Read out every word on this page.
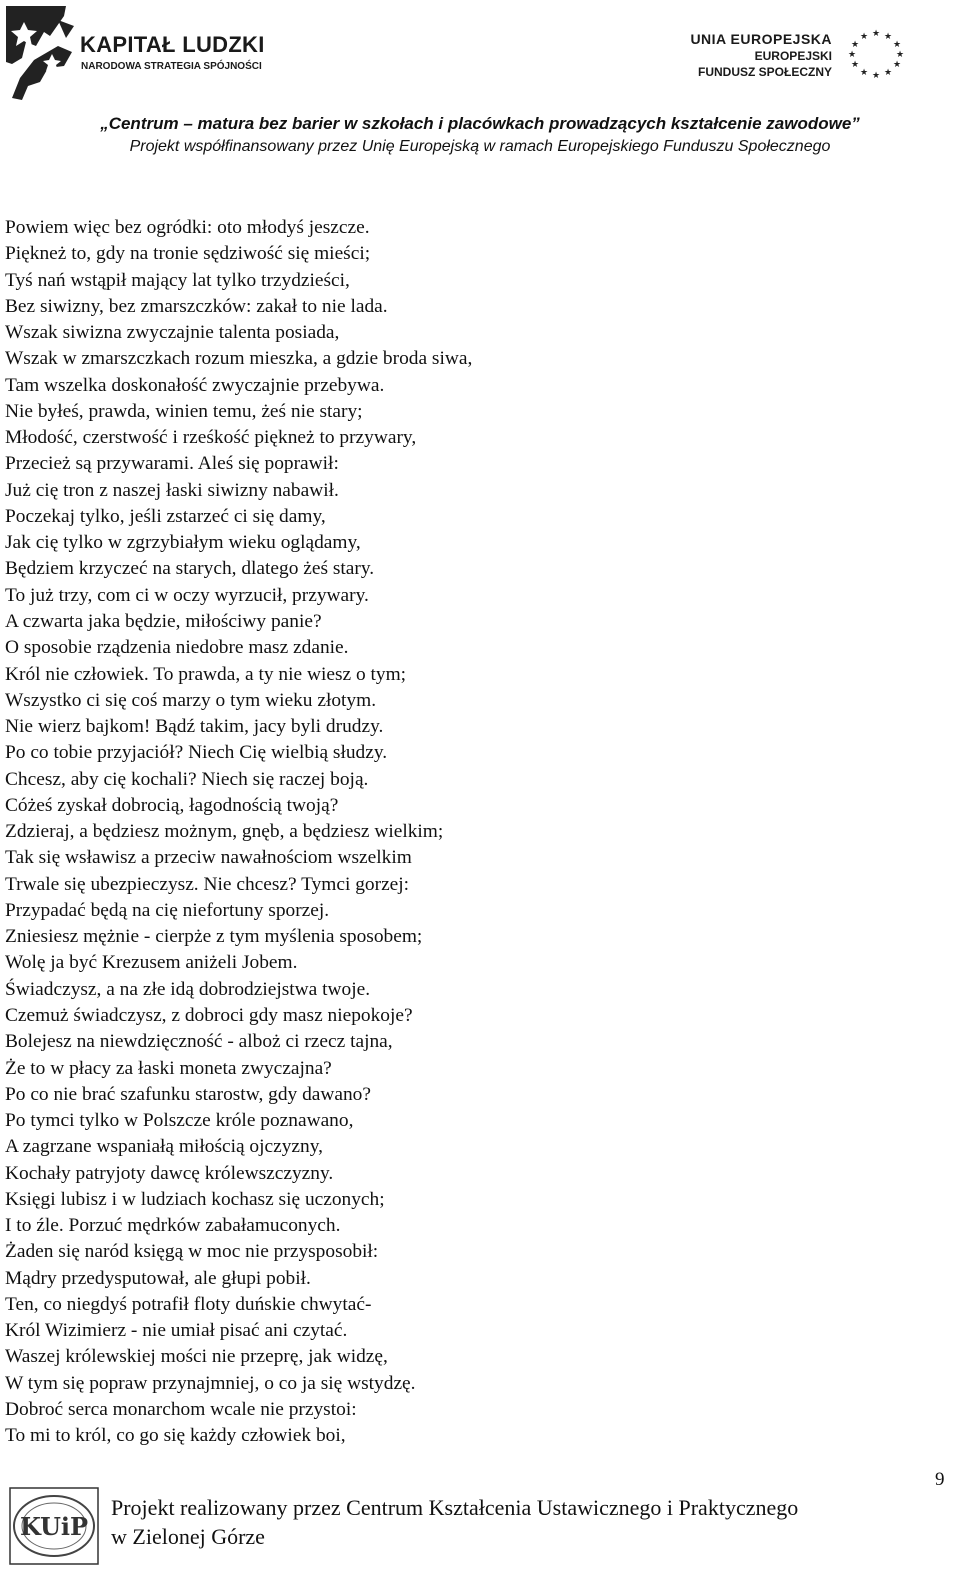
KAPITAŁ LUDZKI
NARODOWA STRATEGIA SPÓJNOŚCI
UNIA EUROPEJSKA
EUROPEJSKI
FUNDUSZ SPOŁECZNY
★ ★
★
★
★
★
★
★
★
★
★
★
„Centrum – matura bez barier w szkołach i placówkach prowadzących kształcenie zawodowe”
Projekt współfinansowany przez Unię Europejską w ramach Europejskiego Funduszu Społecznego
Powiem więc bez ogródki: oto młodyś jeszcze.
Piękneż to, gdy na tronie sędziwość się mieści;
Tyś nań wstąpił mający lat tylko trzydzieści,
Bez siwizny, bez zmarszczków: zakał to nie lada.
Wszak siwizna zwyczajnie talenta posiada,
Wszak w zmarszczkach rozum mieszka, a gdzie broda siwa,
Tam wszelka doskonałość zwyczajnie przebywa.
Nie byłeś, prawda, winien temu, żeś nie stary;
Młodość, czerstwość i rześkość piękneż to przywary,
Przecież są przywarami. Aleś się poprawił:
Już cię tron z naszej łaski siwizny nabawił.
Poczekaj tylko, jeśli zstarzeć ci się damy,
Jak cię tylko w zgrzybiałym wieku oglądamy,
Będziem krzyczeć na starych, dlatego żeś stary.
To już trzy, com ci w oczy wyrzucił, przywary.
A czwarta jaka będzie, miłościwy panie?
O sposobie rządzenia niedobre masz zdanie.
Król nie człowiek. To prawda, a ty nie wiesz o tym;
Wszystko ci się coś marzy o tym wieku złotym.
Nie wierz bajkom! Bądź takim, jacy byli drudzy.
Po co tobie przyjaciół? Niech Cię wielbią słudzy.
Chcesz, aby cię kochali? Niech się raczej boją.
Cóżeś zyskał dobrocią, łagodnością twoją?
Zdzieraj, a będziesz możnym, gnęb, a będziesz wielkim;
Tak się wsławisz a przeciw nawałnościom wszelkim
Trwale się ubezpieczysz. Nie chcesz? Tymci gorzej:
Przypadać będą na cię niefortuny sporzej.
Zniesiesz mężnie - cierpże z tym myślenia sposobem;
Wolę ja być Krezusem aniżeli Jobem.
Świadczysz, a na złe idą dobrodziejstwa twoje.
Czemuż świadczysz, z dobroci gdy masz niepokoje?
Bolejesz na niewdzięczność - alboż ci rzecz tajna,
Że to w płacy za łaski moneta zwyczajna?
Po co nie brać szafunku starostw, gdy dawano?
Po tymci tylko w Polszcze króle poznawano,
A zagrzane wspaniałą miłością ojczyzny,
Kochały patryjoty dawcę królewszczyzny.
Księgi lubisz i w ludziach kochasz się uczonych;
I to źle. Porzuć mędrków zabałamuconych.
Żaden się naród księgą w moc nie przysposobił:
Mądry przedysputował, ale głupi pobił.
Ten, co niegdyś potrafił floty duńskie chwytać-
Król Wizimierz - nie umiał pisać ani czytać.
Waszej królewskiej mości nie przeprę, jak widzę,
W tym się popraw przynajmniej, o co ja się wstydzę.
Dobroć serca monarchom wcale nie przystoi:
To mi to król, co go się każdy człowiek boi,
9
KUiP
Projekt realizowany przez Centrum Kształcenia Ustawicznego i Praktycznego
w Zielonej Górze
